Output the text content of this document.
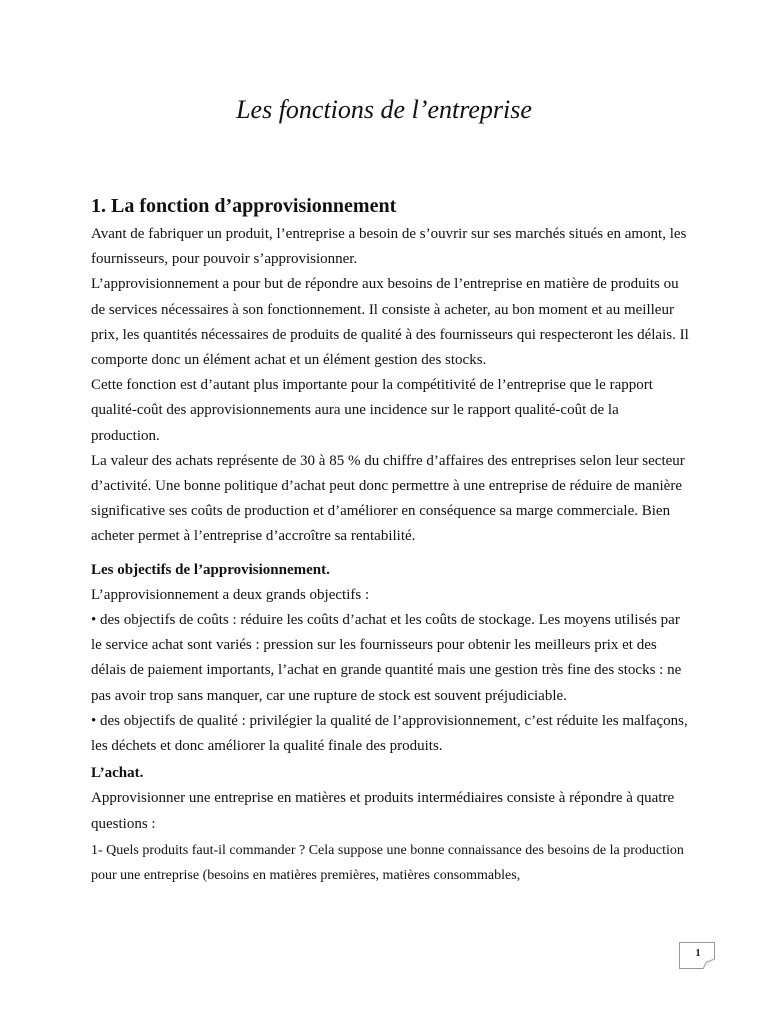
Les fonctions de l’entreprise
1. La fonction d’approvisionnement

Avant de fabriquer un produit, l’entreprise a besoin de s’ouvrir sur ses marchés situés en amont, les fournisseurs, pour pouvoir s’approvisionner.

L’approvisionnement a pour but de répondre aux besoins de l’entreprise en matière de produits ou de services nécessaires à son fonctionnement. Il consiste à acheter, au bon moment et au meilleur prix, les quantités nécessaires de produits de qualité à des fournisseurs qui respecteront les délais. Il comporte donc un élément achat et un élément gestion des stocks.

Cette fonction est d’autant plus importante pour la compétitivité de l’entreprise que le rapport qualité-coût des approvisionnements aura une incidence sur le rapport qualité-coût de la production.

La valeur des achats représente de 30 à 85 % du chiffre d’affaires des entreprises selon leur secteur d’activité. Une bonne politique d’achat peut donc permettre à une entreprise de réduire de manière significative ses coûts de production et d’améliorer en conséquence sa marge commerciale. Bien acheter permet à l’entreprise d’accroître sa rentabilité.

Les objectifs de l’approvisionnement.

L’approvisionnement a deux grands objectifs :

• des objectifs de coûts : réduire les coûts d’achat et les coûts de stockage. Les moyens utilisés par le service achat sont variés : pression sur les fournisseurs pour obtenir les meilleurs prix et des délais de paiement importants, l’achat en grande quantité mais une gestion très fine des stocks : ne pas avoir trop sans manquer, car une rupture de stock est souvent préjudiciable.

• des objectifs de qualité : privilégier la qualité de l’approvisionnement, c’est réduite les malfaçons, les déchets et donc améliorer la qualité finale des produits.

L’achat.

Approvisionner une entreprise en matières et produits intermédiaires consiste à répondre à quatre questions :

1- Quels produits faut-il commander ? Cela suppose une bonne connaissance des besoins de la production pour une entreprise (besoins en matières premières, matières consommables,

1
